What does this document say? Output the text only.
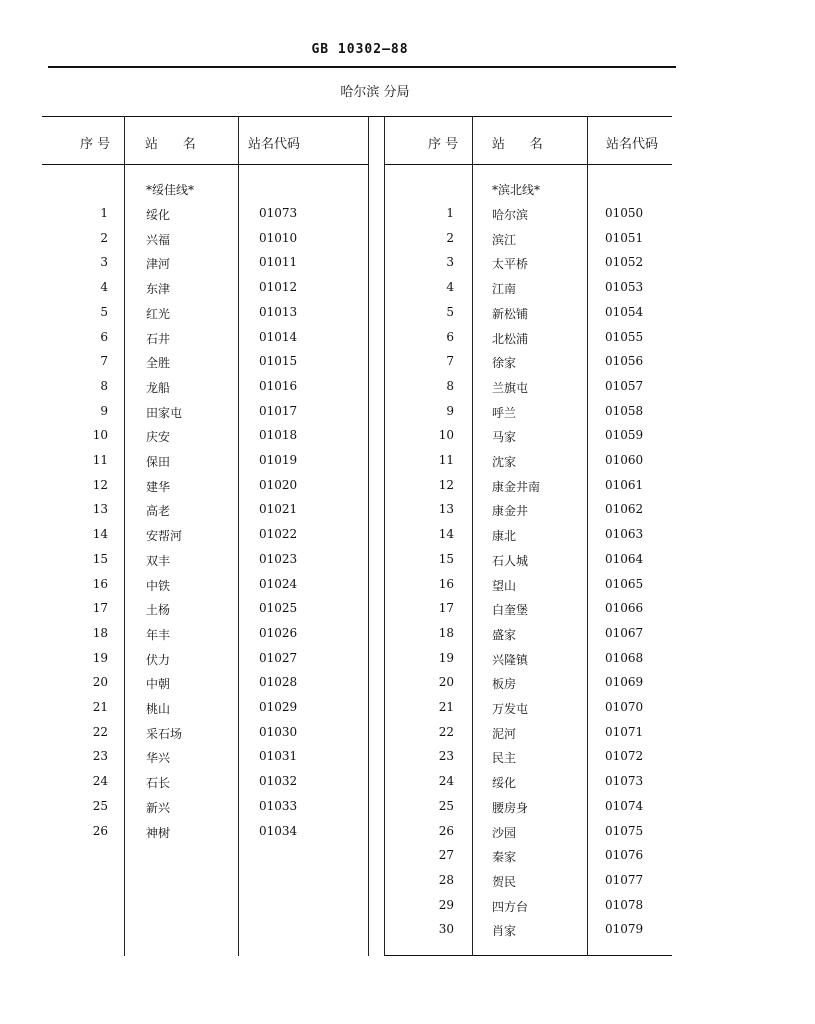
GB 10302—88
哈尔滨 分局
序 号	站      名	站名代码	序 号	站      名	站名代码
*绥佳线*	*滨北线*
1	绥化	01073
2	兴福	01010
3	津河	01011
4	东津	01012
5	红光	01013
6	石井	01014
7	全胜	01015
8	龙船	01016
9	田家屯	01017
10	庆安	01018
11	保田	01019
12	建华	01020
13	高老	01021
14	安帮河	01022
15	双丰	01023
16	中铁	01024
17	土杨	01025
18	年丰	01026
19	伏力	01027
20	中朝	01028
21	桃山	01029
22	采石场	01030
23	华兴	01031
24	石长	01032
25	新兴	01033
26	神树	01034
1	哈尔滨	01050
2	滨江	01051
3	太平桥	01052
4	江南	01053
5	新松铺	01054
6	北松浦	01055
7	徐家	01056
8	兰旗屯	01057
9	呼兰	01058
10	马家	01059
11	沈家	01060
12	康金井南	01061
13	康金井	01062
14	康北	01063
15	石人城	01064
16	望山	01065
17	白奎堡	01066
18	盛家	01067
19	兴隆镇	01068
20	板房	01069
21	万发屯	01070
22	泥河	01071
23	民主	01072
24	绥化	01073
25	腰房身	01074
26	沙园	01075
27	秦家	01076
28	贺民	01077
29	四方台	01078
30	肖家	01079
